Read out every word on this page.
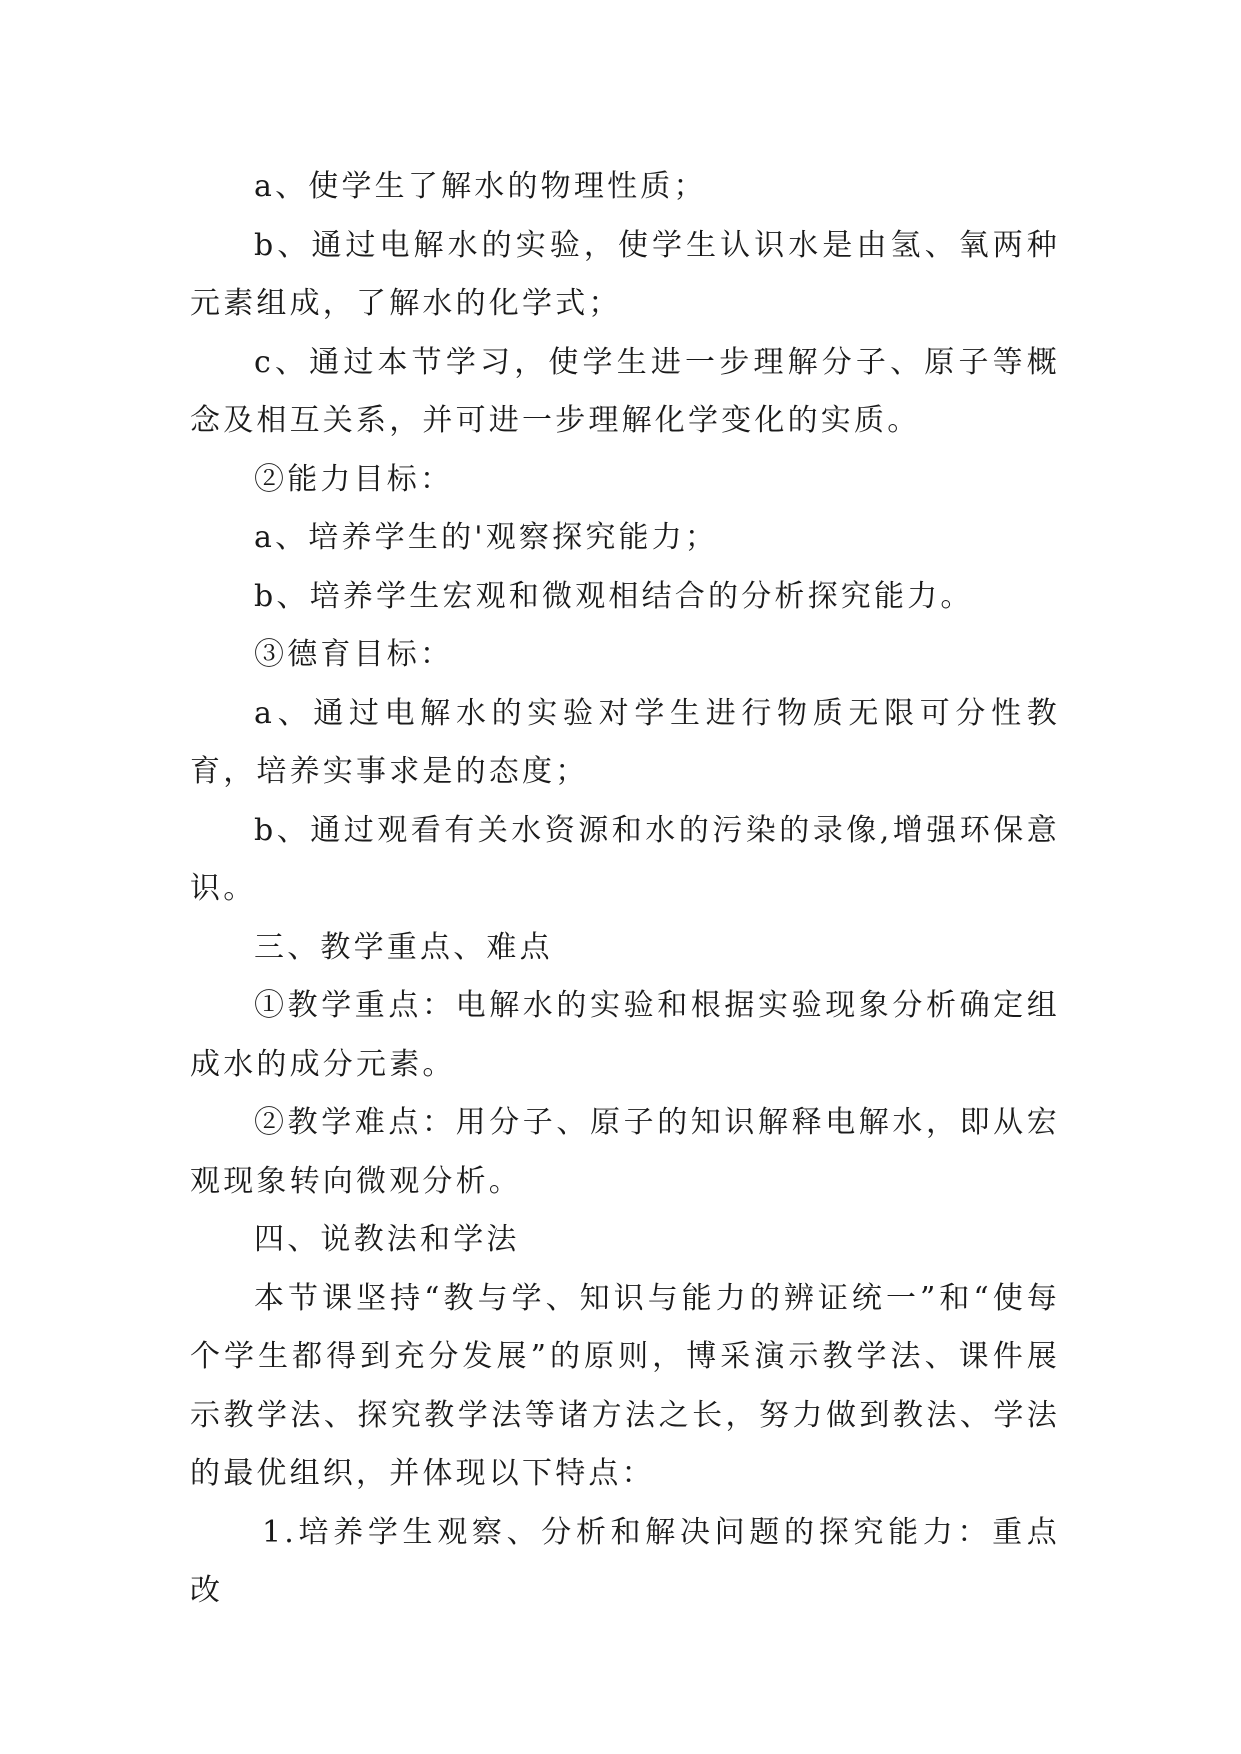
a、使学生了解水的物理性质；

b、通过电解水的实验，使学生认识水是由氢、氧两种元素组成，了解水的化学式；

c、通过本节学习，使学生进一步理解分子、原子等概念及相互关系，并可进一步理解化学变化的实质。

②能力目标：

a、培养学生的'观察探究能力；

b、培养学生宏观和微观相结合的分析探究能力。

③德育目标：

a、通过电解水的实验对学生进行物质无限可分性教育，培养实事求是的态度；

b、通过观看有关水资源和水的污染的录像,增强环保意识。

三、教学重点、难点

①教学重点：电解水的实验和根据实验现象分析确定组成水的成分元素。

②教学难点：用分子、原子的知识解释电解水，即从宏观现象转向微观分析。

四、说教法和学法

本节课坚持“教与学、知识与能力的辨证统一”和“使每个学生都得到充分发展”的原则，博采演示教学法、课件展示教学法、探究教学法等诸方法之长，努力做到教法、学法的最优组织，并体现以下特点：

1.培养学生观察、分析和解决问题的探究能力：重点改
